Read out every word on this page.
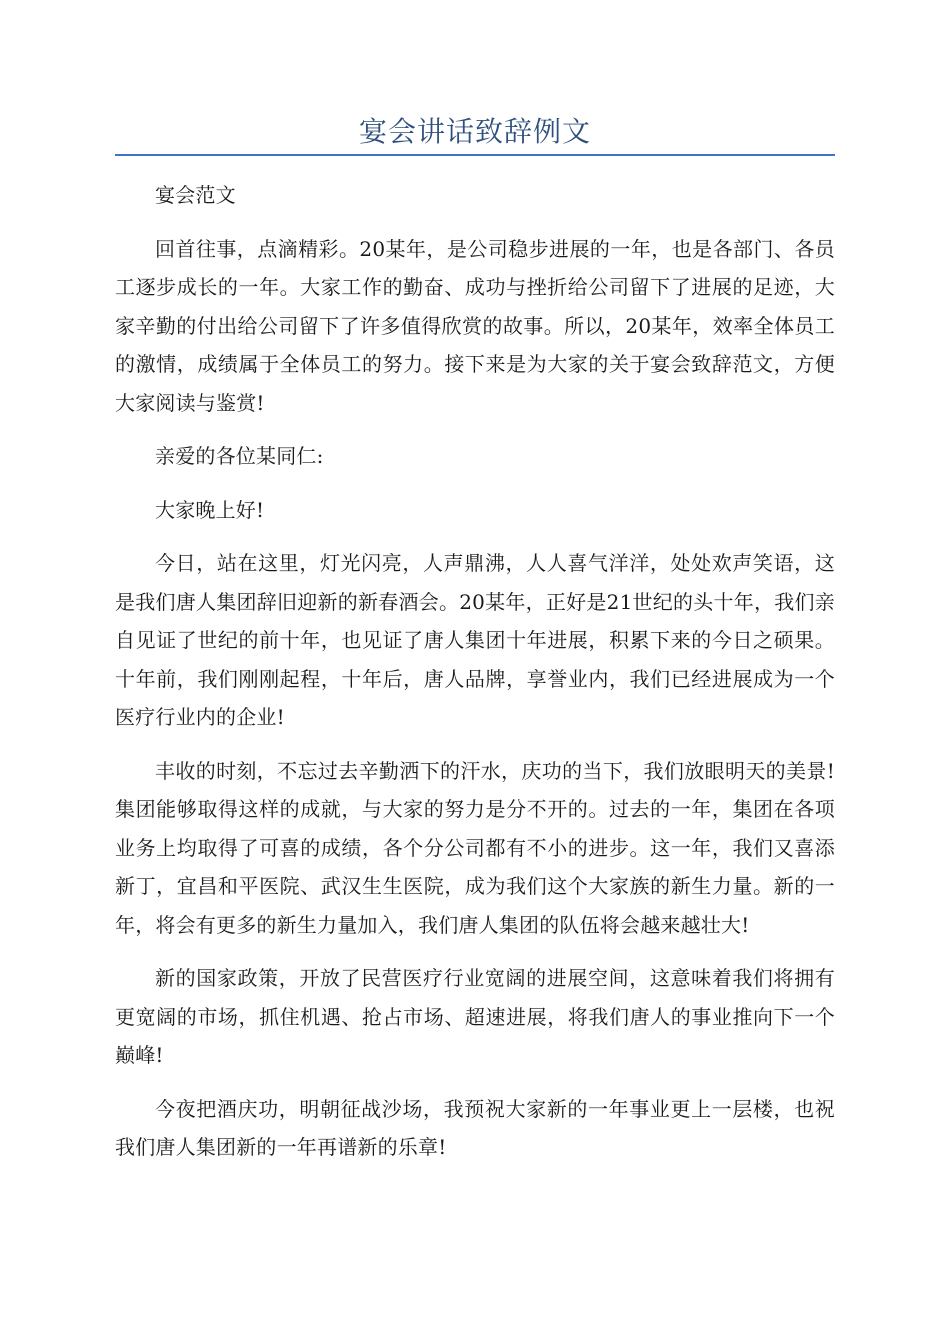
宴会讲话致辞例文

宴会范文

回首往事，点滴精彩。20某年，是公司稳步进展的一年，也是各部门、各员工逐步成长的一年。大家工作的勤奋、成功与挫折给公司留下了进展的足迹，大家辛勤的付出给公司留下了许多值得欣赏的故事。所以，20某年，效率全体员工的激情，成绩属于全体员工的努力。接下来是为大家的关于宴会致辞范文，方便大家阅读与鉴赏!

亲爱的各位某同仁:

大家晚上好!

今日，站在这里，灯光闪亮，人声鼎沸，人人喜气洋洋，处处欢声笑语，这是我们唐人集团辞旧迎新的新春酒会。20某年，正好是21世纪的头十年，我们亲自见证了世纪的前十年，也见证了唐人集团十年进展，积累下来的今日之硕果。十年前，我们刚刚起程，十年后，唐人品牌，享誉业内，我们已经进展成为一个医疗行业内的企业!

丰收的时刻，不忘过去辛勤洒下的汗水，庆功的当下，我们放眼明天的美景!集团能够取得这样的成就，与大家的努力是分不开的。过去的一年，集团在各项业务上均取得了可喜的成绩，各个分公司都有不小的进步。这一年，我们又喜添新丁，宜昌和平医院、武汉生生医院，成为我们这个大家族的新生力量。新的一年，将会有更多的新生力量加入，我们唐人集团的队伍将会越来越壮大!

新的国家政策，开放了民营医疗行业宽阔的进展空间，这意味着我们将拥有更宽阔的市场，抓住机遇、抢占市场、超速进展，将我们唐人的事业推向下一个巅峰!

今夜把酒庆功，明朝征战沙场，我预祝大家新的一年事业更上一层楼，也祝我们唐人集团新的一年再谱新的乐章!
